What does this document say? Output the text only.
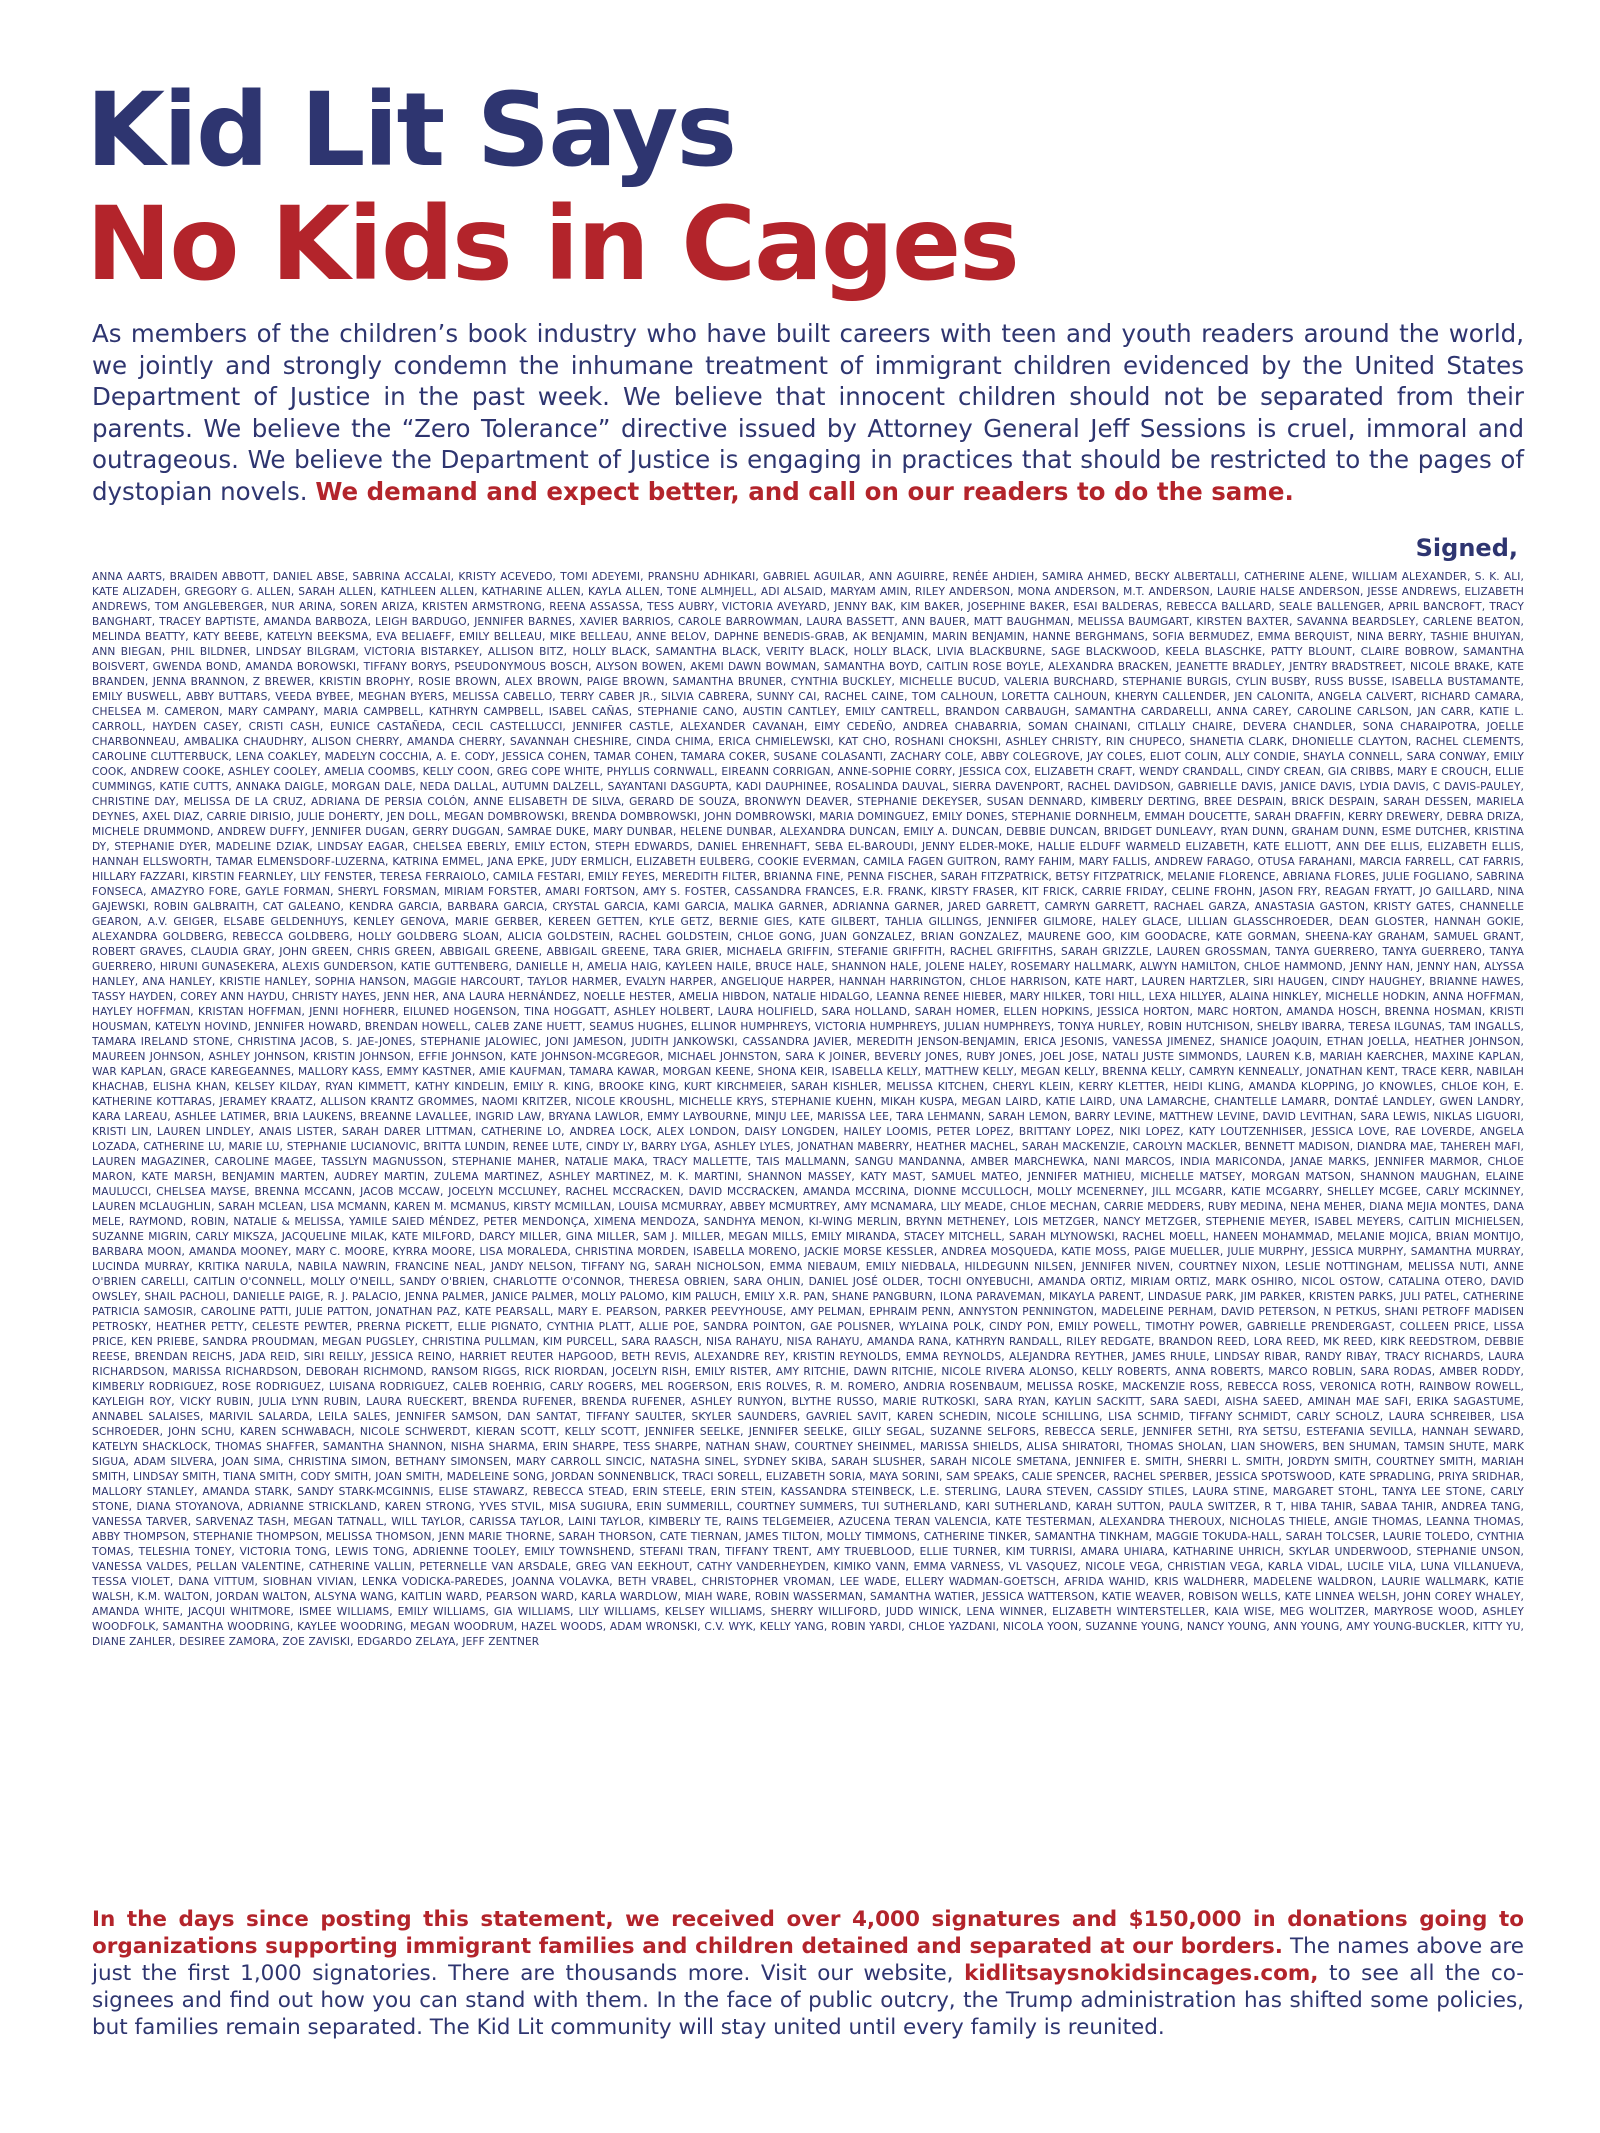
Kid Lit Says
No Kids in Cages

As members of the children’s book industry who have built careers with teen and youth readers around the world, we jointly and strongly condemn the inhumane treatment of immigrant children evidenced by the United States Department of Justice in the past week. We believe that innocent children should not be separated from their parents. We believe the “Zero Tolerance” directive issued by Attorney General Jeff Sessions is cruel, immoral and outrageous. We believe the Department of Justice is engaging in practices that should be restricted to the pages of dystopian novels. We demand and expect better, and call on our readers to do the same.

Signed,

ANNA AARTS, BRAIDEN ABBOTT, DANIEL ABSE, SABRINA ACCALAI, KRISTY ACEVEDO, TOMI ADEYEMI, PRANSHU ADHIKARI, GABRIEL AGUILAR, ANN AGUIRRE, RENÉE AHDIEH, SAMIRA AHMED, BECKY ALBERTALLI, CATHERINE ALENE, WILLIAM ALEXANDER, S. K. ALI, KATE ALIZADEH, GREGORY G. ALLEN, SARAH ALLEN, KATHLEEN ALLEN, KATHARINE ALLEN, KAYLA ALLEN, TONE ALMHJELL, ADI ALSAID, MARYAM AMIN, RILEY ANDERSON, MONA ANDERSON, M.T. ANDERSON, LAURIE HALSE ANDERSON, JESSE ANDREWS, ELIZABETH ANDREWS, TOM ANGLEBERGER, NUR ARINA, SOREN ARIZA, KRISTEN ARMSTRONG, REENA ASSASSA, TESS AUBRY, VICTORIA AVEYARD, JENNY BAK, KIM BAKER, JOSEPHINE BAKER, ESAI BALDERAS, REBECCA BALLARD, SEALE BALLENGER, APRIL BANCROFT, TRACY BANGHART, TRACEY BAPTISTE, AMANDA BARBOZA, LEIGH BARDUGO, JENNIFER BARNES, XAVIER BARRIOS, CAROLE BARROWMAN, LAURA BASSETT, ANN BAUER, MATT BAUGHMAN, MELISSA BAUMGART, KIRSTEN BAXTER, SAVANNA BEARDSLEY, CARLENE BEATON, MELINDA BEATTY, KATY BEEBE, KATELYN BEEKSMA, EVA BELIAEFF, EMILY BELLEAU, MIKE BELLEAU, ANNE BELOV, DAPHNE BENEDIS-GRAB, AK BENJAMIN, MARIN BENJAMIN, HANNE BERGHMANS, SOFIA BERMUDEZ, EMMA BERQUIST, NINA BERRY, TASHIE BHUIYAN, ANN BIEGAN, PHIL BILDNER, LINDSAY BILGRAM, VICTORIA BISTARKEY, ALLISON BITZ, HOLLY BLACK, SAMANTHA BLACK, VERITY BLACK, HOLLY BLACK, LIVIA BLACKBURNE, SAGE BLACKWOOD, KEELA BLASCHKE, PATTY BLOUNT, CLAIRE BOBROW, SAMANTHA BOISVERT, GWENDA BOND, AMANDA BOROWSKI, TIFFANY BORYS, PSEUDONYMOUS BOSCH, ALYSON BOWEN, AKEMI DAWN BOWMAN, SAMANTHA BOYD, CAITLIN ROSE BOYLE, ALEXANDRA BRACKEN, JEANETTE BRADLEY, JENTRY BRADSTREET, NICOLE BRAKE, KATE BRANDEN, JENNA BRANNON, Z BREWER, KRISTIN BROPHY, ROSIE BROWN, ALEX BROWN, PAIGE BROWN, SAMANTHA BRUNER, CYNTHIA BUCKLEY, MICHELLE BUCUD, VALERIA BURCHARD, STEPHANIE BURGIS, CYLIN BUSBY, RUSS BUSSE, ISABELLA BUSTAMANTE, EMILY BUSWELL, ABBY BUTTARS, VEEDA BYBEE, MEGHAN BYERS, MELISSA CABELLO, TERRY CABER JR., SILVIA CABRERA, SUNNY CAI, RACHEL CAINE, TOM CALHOUN, LORETTA CALHOUN, KHERYN CALLENDER, JEN CALONITA, ANGELA CALVERT, RICHARD CAMARA, CHELSEA M. CAMERON, MARY CAMPANY, MARIA CAMPBELL, KATHRYN CAMPBELL, ISABEL CAÑAS, STEPHANIE CANO, AUSTIN CANTLEY, EMILY CANTRELL, BRANDON CARBAUGH, SAMANTHA CARDARELLI, ANNA CAREY, CAROLINE CARLSON, JAN CARR, KATIE L. CARROLL, HAYDEN CASEY, CRISTI CASH, EUNICE CASTAÑEDA, CECIL CASTELLUCCI, JENNIFER CASTLE, ALEXANDER CAVANAH, EIMY CEDEÑO, ANDREA CHABARRIA, SOMAN CHAINANI, CITLALLY CHAIRE, DEVERA CHANDLER, SONA CHARAIPOTRA, JOELLE CHARBONNEAU, AMBALIKA CHAUDHRY, ALISON CHERRY, AMANDA CHERRY, SAVANNAH CHESHIRE, CINDA CHIMA, ERICA CHMIELEWSKI, KAT CHO, ROSHANI CHOKSHI, ASHLEY CHRISTY, RIN CHUPECO, SHANETIA CLARK, DHONIELLE CLAYTON, RACHEL CLEMENTS, CAROLINE CLUTTERBUCK, LENA COAKLEY, MADELYN COCCHIA, A. E. CODY, JESSICA COHEN, TAMAR COHEN, TAMARA COKER, SUSANE COLASANTI, ZACHARY COLE, ABBY COLEGROVE, JAY COLES, ELIOT COLIN, ALLY CONDIE, SHAYLA CONNELL, SARA CONWAY, EMILY COOK, ANDREW COOKE, ASHLEY COOLEY, AMELIA COOMBS, KELLY COON, GREG COPE WHITE, PHYLLIS CORNWALL, EIREANN CORRIGAN, ANNE-SOPHIE CORRY, JESSICA COX, ELIZABETH CRAFT, WENDY CRANDALL, CINDY CREAN, GIA CRIBBS, MARY E CROUCH, ELLIE CUMMINGS, KATIE CUTTS, ANNAKA DAIGLE, MORGAN DALE, NEDA DALLAL, AUTUMN DALZELL, SAYANTANI DASGUPTA, KADI DAUPHINEE, ROSALINDA DAUVAL, SIERRA DAVENPORT, RACHEL DAVIDSON, GABRIELLE DAVIS, JANICE DAVIS, LYDIA DAVIS, C DAVIS-PAULEY, CHRISTINE DAY, MELISSA DE LA CRUZ, ADRIANA DE PERSIA COLÓN, ANNE ELISABETH DE SILVA, GERARD DE SOUZA, BRONWYN DEAVER, STEPHANIE DEKEYSER, SUSAN DENNARD, KIMBERLY DERTING, BREE DESPAIN, BRICK DESPAIN, SARAH DESSEN, MARIELA DEYNES, AXEL DIAZ, CARRIE DIRISIO, JULIE DOHERTY, JEN DOLL, MEGAN DOMBROWSKI, BRENDA DOMBROWSKI, JOHN DOMBROWSKI, MARIA DOMINGUEZ, EMILY DONES, STEPHANIE DORNHELM, EMMAH DOUCETTE, SARAH DRAFFIN, KERRY DREWERY, DEBRA DRIZA, MICHELE DRUMMOND, ANDREW DUFFY, JENNIFER DUGAN, GERRY DUGGAN, SAMRAE DUKE, MARY DUNBAR, HELENE DUNBAR, ALEXANDRA DUNCAN, EMILY A. DUNCAN, DEBBIE DUNCAN, BRIDGET DUNLEAVY, RYAN DUNN, GRAHAM DUNN, ESME DUTCHER, KRISTINA DY, STEPHANIE DYER, MADELINE DZIAK, LINDSAY EAGAR, CHELSEA EBERLY, EMILY ECTON, STEPH EDWARDS, DANIEL EHRENHAFT, SEBA EL-BAROUDI, JENNY ELDER-MOKE, HALLIE ELDUFF WARMELD ELIZABETH, KATE ELLIOTT, ANN DEE ELLIS, ELIZABETH ELLIS, HANNAH ELLSWORTH, TAMAR ELMENSDORF-LUZERNA, KATRINA EMMEL, JANA EPKE, JUDY ERMLICH, ELIZABETH EULBERG, COOKIE EVERMAN, CAMILA FAGEN GUITRON, RAMY FAHIM, MARY FALLIS, ANDREW FARAGO, OTUSA FARAHANI, MARCIA FARRELL, CAT FARRIS, HILLARY FAZZARI, KIRSTIN FEARNLEY, LILY FENSTER, TERESA FERRAIOLO, CAMILA FESTARI, EMILY FEYES, MEREDITH FILTER, BRIANNA FINE, PENNA FISCHER, SARAH FITZPATRICK, BETSY FITZPATRICK, MELANIE FLORENCE, ABRIANA FLORES, JULIE FOGLIANO, SABRINA FONSECA, AMAZYRO FORE, GAYLE FORMAN, SHERYL FORSMAN, MIRIAM FORSTER, AMARI FORTSON, AMY S. FOSTER, CASSANDRA FRANCES, E.R. FRANK, KIRSTY FRASER, KIT FRICK, CARRIE FRIDAY, CELINE FROHN, JASON FRY, REAGAN FRYATT, JO GAILLARD, NINA GAJEWSKI, ROBIN GALBRAITH, CAT GALEANO, KENDRA GARCIA, BARBARA GARCIA, CRYSTAL GARCIA, KAMI GARCIA, MALIKA GARNER, ADRIANNA GARNER, JARED GARRETT, CAMRYN GARRETT, RACHAEL GARZA, ANASTASIA GASTON, KRISTY GATES, CHANNELLE GEARON, A.V. GEIGER, ELSABE GELDENHUYS, KENLEY GENOVA, MARIE GERBER, KEREEN GETTEN, KYLE GETZ, BERNIE GIES, KATE GILBERT, TAHLIA GILLINGS, JENNIFER GILMORE, HALEY GLACE, LILLIAN GLASSCHROEDER, DEAN GLOSTER, HANNAH GOKIE, ALEXANDRA GOLDBERG, REBECCA GOLDBERG, HOLLY GOLDBERG SLOAN, ALICIA GOLDSTEIN, RACHEL GOLDSTEIN, CHLOE GONG, JUAN GONZALEZ, BRIAN GONZALEZ, MAURENE GOO, KIM GOODACRE, KATE GORMAN, SHEENA-KAY GRAHAM, SAMUEL GRANT, ROBERT GRAVES, CLAUDIA GRAY, JOHN GREEN, CHRIS GREEN, ABBIGAIL GREENE, ABBIGAIL GREENE, TARA GRIER, MICHAELA GRIFFIN, STEFANIE GRIFFITH, RACHEL GRIFFITHS, SARAH GRIZZLE, LAUREN GROSSMAN, TANYA GUERRERO, TANYA GUERRERO, TANYA GUERRERO, HIRUNI GUNASEKERA, ALEXIS GUNDERSON, KATIE GUTTENBERG, DANIELLE H, AMELIA HAIG, KAYLEEN HAILE, BRUCE HALE, SHANNON HALE, JOLENE HALEY, ROSEMARY HALLMARK, ALWYN HAMILTON, CHLOE HAMMOND, JENNY HAN, JENNY HAN, ALYSSA HANLEY, ANA HANLEY, KRISTIE HANLEY, SOPHIA HANSON, MAGGIE HARCOURT, TAYLOR HARMER, EVALYN HARPER, ANGELIQUE HARPER, HANNAH HARRINGTON, CHLOE HARRISON, KATE HART, LAUREN HARTZLER, SIRI HAUGEN, CINDY HAUGHEY, BRIANNE HAWES, TASSY HAYDEN, COREY ANN HAYDU, CHRISTY HAYES, JENN HER, ANA LAURA HERNÁNDEZ, NOELLE HESTER, AMELIA HIBDON, NATALIE HIDALGO, LEANNA RENEE HIEBER, MARY HILKER, TORI HILL, LEXA HILLYER, ALAINA HINKLEY, MICHELLE HODKIN, ANNA HOFFMAN, HAYLEY HOFFMAN, KRISTAN HOFFMAN, JENNI HOFHERR, EILUNED HOGENSON, TINA HOGGATT, ASHLEY HOLBERT, LAURA HOLIFIELD, SARA HOLLAND, SARAH HOMER, ELLEN HOPKINS, JESSICA HORTON, MARC HORTON, AMANDA HOSCH, BRENNA HOSMAN, KRISTI HOUSMAN, KATELYN HOVIND, JENNIFER HOWARD, BRENDAN HOWELL, CALEB ZANE HUETT, SEAMUS HUGHES, ELLINOR HUMPHREYS, VICTORIA HUMPHREYS, JULIAN HUMPHREYS, TONYA HURLEY, ROBIN HUTCHISON, SHELBY IBARRA, TERESA ILGUNAS, TAM INGALLS, TAMARA IRELAND STONE, CHRISTINA JACOB, S. JAE-JONES, STEPHANIE JALOWIEC, JONI JAMESON, JUDITH JANKOWSKI, CASSANDRA JAVIER, MEREDITH JENSON-BENJAMIN, ERICA JESONIS, VANESSA JIMENEZ, SHANICE JOAQUIN, ETHAN JOELLA, HEATHER JOHNSON, MAUREEN JOHNSON, ASHLEY JOHNSON, KRISTIN JOHNSON, EFFIE JOHNSON, KATE JOHNSON-MCGREGOR, MICHAEL JOHNSTON, SARA K JOINER, BEVERLY JONES, RUBY JONES, JOEL JOSE, NATALI JUSTE SIMMONDS, LAUREN K.B, MARIAH KAERCHER, MAXINE KAPLAN, WAR KAPLAN, GRACE KAREGEANNES, MALLORY KASS, EMMY KASTNER, AMIE KAUFMAN, TAMARA KAWAR, MORGAN KEENE, SHONA KEIR, ISABELLA KELLY, MATTHEW KELLY, MEGAN KELLY, BRENNA KELLY, CAMRYN KENNEALLY, JONATHAN KENT, TRACE KERR, NABILAH KHACHAB, ELISHA KHAN, KELSEY KILDAY, RYAN KIMMETT, KATHY KINDELIN, EMILY R. KING, BROOKE KING, KURT KIRCHMEIER, SARAH KISHLER, MELISSA KITCHEN, CHERYL KLEIN, KERRY KLETTER, HEIDI KLING, AMANDA KLOPPING, JO KNOWLES, CHLOE KOH, E. KATHERINE KOTTARAS, JERAMEY KRAATZ, ALLISON KRANTZ GROMMES, NAOMI KRITZER, NICOLE KROUSHL, MICHELLE KRYS, STEPHANIE KUEHN, MIKAH KUSPA, MEGAN LAIRD, KATIE LAIRD, UNA LAMARCHE, CHANTELLE LAMARR, DONTAÉ LANDLEY, GWEN LANDRY, KARA LAREAU, ASHLEE LATIMER, BRIA LAUKENS, BREANNE LAVALLEE, INGRID LAW, BRYANA LAWLOR, EMMY LAYBOURNE, MINJU LEE, MARISSA LEE, TARA LEHMANN, SARAH LEMON, BARRY LEVINE, MATTHEW LEVINE, DAVID LEVITHAN, SARA LEWIS, NIKLAS LIGUORI, KRISTI LIN, LAUREN LINDLEY, ANAIS LISTER, SARAH DARER LITTMAN, CATHERINE LO, ANDREA LOCK, ALEX LONDON, DAISY LONGDEN, HAILEY LOOMIS, PETER LOPEZ, BRITTANY LOPEZ, NIKI LOPEZ, KATY LOUTZENHISER, JESSICA LOVE, RAE LOVERDE, ANGELA LOZADA, CATHERINE LU, MARIE LU, STEPHANIE LUCIANOVIC, BRITTA LUNDIN, RENEE LUTE, CINDY LY, BARRY LYGA, ASHLEY LYLES, JONATHAN MABERRY, HEATHER MACHEL, SARAH MACKENZIE, CAROLYN MACKLER, BENNETT MADISON, DIANDRA MAE, TAHEREH MAFI, LAUREN MAGAZINER, CAROLINE MAGEE, TASSLYN MAGNUSSON, STEPHANIE MAHER, NATALIE MAKA, TRACY MALLETTE, TAIS MALLMANN, SANGU MANDANNA, AMBER MARCHEWKA, NANI MARCOS, INDIA MARICONDA, JANAE MARKS, JENNIFER MARMOR, CHLOE MARON, KATE MARSH, BENJAMIN MARTEN, AUDREY MARTIN, ZULEMA MARTINEZ, ASHLEY MARTINEZ, M. K. MARTINI, SHANNON MASSEY, KATY MAST, SAMUEL MATEO, JENNIFER MATHIEU, MICHELLE MATSEY, MORGAN MATSON, SHANNON MAUGHAN, ELAINE MAULUCCI, CHELSEA MAYSE, BRENNA MCCANN, JACOB MCCAW, JOCELYN MCCLUNEY, RACHEL MCCRACKEN, DAVID MCCRACKEN, AMANDA MCCRINA, DIONNE MCCULLOCH, MOLLY MCENERNEY, JILL MCGARR, KATIE MCGARRY, SHELLEY MCGEE, CARLY MCKINNEY, LAUREN MCLAUGHLIN, SARAH MCLEAN, LISA MCMANN, KAREN M. MCMANUS, KIRSTY MCMILLAN, LOUISA MCMURRAY, ABBEY MCMURTREY, AMY MCNAMARA, LILY MEADE, CHLOE MECHAN, CARRIE MEDDERS, RUBY MEDINA, NEHA MEHER, DIANA MEJIA MONTES, DANA MELE, RAYMOND, ROBIN, NATALIE & MELISSA, YAMILE SAIED MÉNDEZ, PETER MENDONÇA, XIMENA MENDOZA, SANDHYA MENON, KI-WING MERLIN, BRYNN METHENEY, LOIS METZGER, NANCY METZGER, STEPHENIE MEYER, ISABEL MEYERS, CAITLIN MICHIELSEN, SUZANNE MIGRIN, CARLY MIKSZA, JACQUELINE MILAK, KATE MILFORD, DARCY MILLER, GINA MILLER, SAM J. MILLER, MEGAN MILLS, EMILY MIRANDA, STACEY MITCHELL, SARAH MLYNOWSKI, RACHEL MOELL, HANEEN MOHAMMAD, MELANIE MOJICA, BRIAN MONTIJO, BARBARA MOON, AMANDA MOONEY, MARY C. MOORE, KYRRA MOORE, LISA MORALEDA, CHRISTINA MORDEN, ISABELLA MORENO, JACKIE MORSE KESSLER, ANDREA MOSQUEDA, KATIE MOSS, PAIGE MUELLER, JULIE MURPHY, JESSICA MURPHY, SAMANTHA MURRAY, LUCINDA MURRAY, KRITIKA NARULA, NABILA NAWRIN, FRANCINE NEAL, JANDY NELSON, TIFFANY NG, SARAH NICHOLSON, EMMA NIEBAUM, EMILY NIEDBALA, HILDEGUNN NILSEN, JENNIFER NIVEN, COURTNEY NIXON, LESLIE NOTTINGHAM, MELISSA NUTI, ANNE O'BRIEN CARELLI, CAITLIN O'CONNELL, MOLLY O'NEILL, SANDY O'BRIEN, CHARLOTTE O'CONNOR, THERESA OBRIEN, SARA OHLIN, DANIEL JOSÉ OLDER, TOCHI ONYEBUCHI, AMANDA ORTIZ, MIRIAM ORTIZ, MARK OSHIRO, NICOL OSTOW, CATALINA OTERO, DAVID OWSLEY, SHAIL PACHOLI, DANIELLE PAIGE, R. J. PALACIO, JENNA PALMER, JANICE PALMER, MOLLY PALOMO, KIM PALUCH, EMILY X.R. PAN, SHANE PANGBURN, ILONA PARAVEMAN, MIKAYLA PARENT, LINDASUE PARK, JIM PARKER, KRISTEN PARKS, JULI PATEL, CATHERINE PATRICIA SAMOSIR, CAROLINE PATTI, JULIE PATTON, JONATHAN PAZ, KATE PEARSALL, MARY E. PEARSON, PARKER PEEVYHOUSE, AMY PELMAN, EPHRAIM PENN, ANNYSTON PENNINGTON, MADELEINE PERHAM, DAVID PETERSON, N PETKUS, SHANI PETROFF MADISEN PETROSKY, HEATHER PETTY, CELESTE PEWTER, PRERNA PICKETT, ELLIE PIGNATO, CYNTHIA PLATT, ALLIE POE, SANDRA POINTON, GAE POLISNER, WYLAINA POLK, CINDY PON, EMILY POWELL, TIMOTHY POWER, GABRIELLE PRENDERGAST, COLLEEN PRICE, LISSA PRICE, KEN PRIEBE, SANDRA PROUDMAN, MEGAN PUGSLEY, CHRISTINA PULLMAN, KIM PURCELL, SARA RAASCH, NISA RAHAYU, NISA RAHAYU, AMANDA RANA, KATHRYN RANDALL, RILEY REDGATE, BRANDON REED, LORA REED, MK REED, KIRK REEDSTROM, DEBBIE REESE, BRENDAN REICHS, JADA REID, SIRI REILLY, JESSICA REINO, HARRIET REUTER HAPGOOD, BETH REVIS, ALEXANDRE REY, KRISTIN REYNOLDS, EMMA REYNOLDS, ALEJANDRA REYTHER, JAMES RHULE, LINDSAY RIBAR, RANDY RIBAY, TRACY RICHARDS, LAURA RICHARDSON, MARISSA RICHARDSON, DEBORAH RICHMOND, RANSOM RIGGS, RICK RIORDAN, JOCELYN RISH, EMILY RISTER, AMY RITCHIE, DAWN RITCHIE, NICOLE RIVERA ALONSO, KELLY ROBERTS, ANNA ROBERTS, MARCO ROBLIN, SARA RODAS, AMBER RODDY, KIMBERLY RODRIGUEZ, ROSE RODRIGUEZ, LUISANA RODRIGUEZ, CALEB ROEHRIG, CARLY ROGERS, MEL ROGERSON, ERIS ROLVES, R. M. ROMERO, ANDRIA ROSENBAUM, MELISSA ROSKE, MACKENZIE ROSS, REBECCA ROSS, VERONICA ROTH, RAINBOW ROWELL, KAYLEIGH ROY, VICKY RUBIN, JULIA LYNN RUBIN, LAURA RUECKERT, BRENDA RUFENER, BRENDA RUFENER, ASHLEY RUNYON, BLYTHE RUSSO, MARIE RUTKOSKI, SARA RYAN, KAYLIN SACKITT, SARA SAEDI, AISHA SAEED, AMINAH MAE SAFI, ERIKA SAGASTUME, ANNABEL SALAISES, MARIVIL SALARDA, LEILA SALES, JENNIFER SAMSON, DAN SANTAT, TIFFANY SAULTER, SKYLER SAUNDERS, GAVRIEL SAVIT, KAREN SCHEDIN, NICOLE SCHILLING, LISA SCHMID, TIFFANY SCHMIDT, CARLY SCHOLZ, LAURA SCHREIBER, LISA SCHROEDER, JOHN SCHU, KAREN SCHWABACH, NICOLE SCHWERDT, KIERAN SCOTT, KELLY SCOTT, JENNIFER SEELKE, JENNIFER SEELKE, GILLY SEGAL, SUZANNE SELFORS, REBECCA SERLE, JENNIFER SETHI, RYA SETSU, ESTEFANIA SEVILLA, HANNAH SEWARD, KATELYN SHACKLOCK, THOMAS SHAFFER, SAMANTHA SHANNON, NISHA SHARMA, ERIN SHARPE, TESS SHARPE, NATHAN SHAW, COURTNEY SHEINMEL, MARISSA SHIELDS, ALISA SHIRATORI, THOMAS SHOLAN, LIAN SHOWERS, BEN SHUMAN, TAMSIN SHUTE, MARK SIGUA, ADAM SILVERA, JOAN SIMA, CHRISTINA SIMON, BETHANY SIMONSEN, MARY CARROLL SINCIC, NATASHA SINEL, SYDNEY SKIBA, SARAH SLUSHER, SARAH NICOLE SMETANA, JENNIFER E. SMITH, SHERRI L. SMITH, JORDYN SMITH, COURTNEY SMITH, MARIAH SMITH, LINDSAY SMITH, TIANA SMITH, CODY SMITH, JOAN SMITH, MADELEINE SONG, JORDAN SONNENBLICK, TRACI SORELL, ELIZABETH SORIA, MAYA SORINI, SAM SPEAKS, CALIE SPENCER, RACHEL SPERBER, JESSICA SPOTSWOOD, KATE SPRADLING, PRIYA SRIDHAR, MALLORY STANLEY, AMANDA STARK, SANDY STARK-MCGINNIS, ELISE STAWARZ, REBECCA STEAD, ERIN STEELE, ERIN STEIN, KASSANDRA STEINBECK, L.E. STERLING, LAURA STEVEN, CASSIDY STILES, LAURA STINE, MARGARET STOHL, TANYA LEE STONE, CARLY STONE, DIANA STOYANOVA, ADRIANNE STRICKLAND, KAREN STRONG, YVES STVIL, MISA SUGIURA, ERIN SUMMERILL, COURTNEY SUMMERS, TUI SUTHERLAND, KARI SUTHERLAND, KARAH SUTTON, PAULA SWITZER, R T, HIBA TAHIR, SABAA TAHIR, ANDREA TANG, VANESSA TARVER, SARVENAZ TASH, MEGAN TATNALL, WILL TAYLOR, CARISSA TAYLOR, LAINI TAYLOR, KIMBERLY TE, RAINS TELGEMEIER, AZUCENA TERAN VALENCIA, KATE TESTERMAN, ALEXANDRA THEROUX, NICHOLAS THIELE, ANGIE THOMAS, LEANNA THOMAS, ABBY THOMPSON, STEPHANIE THOMPSON, MELISSA THOMSON, JENN MARIE THORNE, SARAH THORSON, CATE TIERNAN, JAMES TILTON, MOLLY TIMMONS, CATHERINE TINKER, SAMANTHA TINKHAM, MAGGIE TOKUDA-HALL, SARAH TOLCSER, LAURIE TOLEDO, CYNTHIA TOMAS, TELESHIA TONEY, VICTORIA TONG, LEWIS TONG, ADRIENNE TOOLEY, EMILY TOWNSHEND, STEFANI TRAN, TIFFANY TRENT, AMY TRUEBLOOD, ELLIE TURNER, KIM TURRISI, AMARA UHIARA, KATHARINE UHRICH, SKYLAR UNDERWOOD, STEPHANIE UNSON, VANESSA VALDES, PELLAN VALENTINE, CATHERINE VALLIN, PETERNELLE VAN ARSDALE, GREG VAN EEKHOUT, CATHY VANDERHEYDEN, KIMIKO VANN, EMMA VARNESS, VL VASQUEZ, NICOLE VEGA, CHRISTIAN VEGA, KARLA VIDAL, LUCILE VILA, LUNA VILLANUEVA, TESSA VIOLET, DANA VITTUM, SIOBHAN VIVIAN, LENKA VODICKA-PAREDES, JOANNA VOLAVKA, BETH VRABEL, CHRISTOPHER VROMAN, LEE WADE, ELLERY WADMAN-GOETSCH, AFRIDA WAHID, KRIS WALDHERR, MADELENE WALDRON, LAURIE WALLMARK, KATIE WALSH, K.M. WALTON, JORDAN WALTON, ALSYNA WANG, KAITLIN WARD, PEARSON WARD, KARLA WARDLOW, MIAH WARE, ROBIN WASSERMAN, SAMANTHA WATIER, JESSICA WATTERSON, KATIE WEAVER, ROBISON WELLS, KATE LINNEA WELSH, JOHN COREY WHALEY, AMANDA WHITE, JACQUI WHITMORE, ISMEE WILLIAMS, EMILY WILLIAMS, GIA WILLIAMS, LILY WILLIAMS, KELSEY WILLIAMS, SHERRY WILLIFORD, JUDD WINICK, LENA WINNER, ELIZABETH WINTERSTELLER, KAIA WISE, MEG WOLITZER, MARYROSE WOOD, ASHLEY WOODFOLK, SAMANTHA WOODRING, KAYLEE WOODRING, MEGAN WOODRUM, HAZEL WOODS, ADAM WRONSKI, C.V. WYK, KELLY YANG, ROBIN YARDI, CHLOE YAZDANI, NICOLA YOON, SUZANNE YOUNG, NANCY YOUNG, ANN YOUNG, AMY YOUNG-BUCKLER, KITTY YU, DIANE ZAHLER, DESIREE ZAMORA, ZOE ZAVISKI, EDGARDO ZELAYA, JEFF ZENTNER

In the days since posting this statement, we received over 4,000 signatures and $150,000 in donations going to organizations supporting immigrant families and children detained and separated at our borders. The names above are just the first 1,000 signatories. There are thousands more. Visit our website, kidlitsaysnokidsincages.com, to see all the co-signees and find out how you can stand with them. In the face of public outcry, the Trump administration has shifted some policies, but families remain separated. The Kid Lit community will stay united until every family is reunited.
